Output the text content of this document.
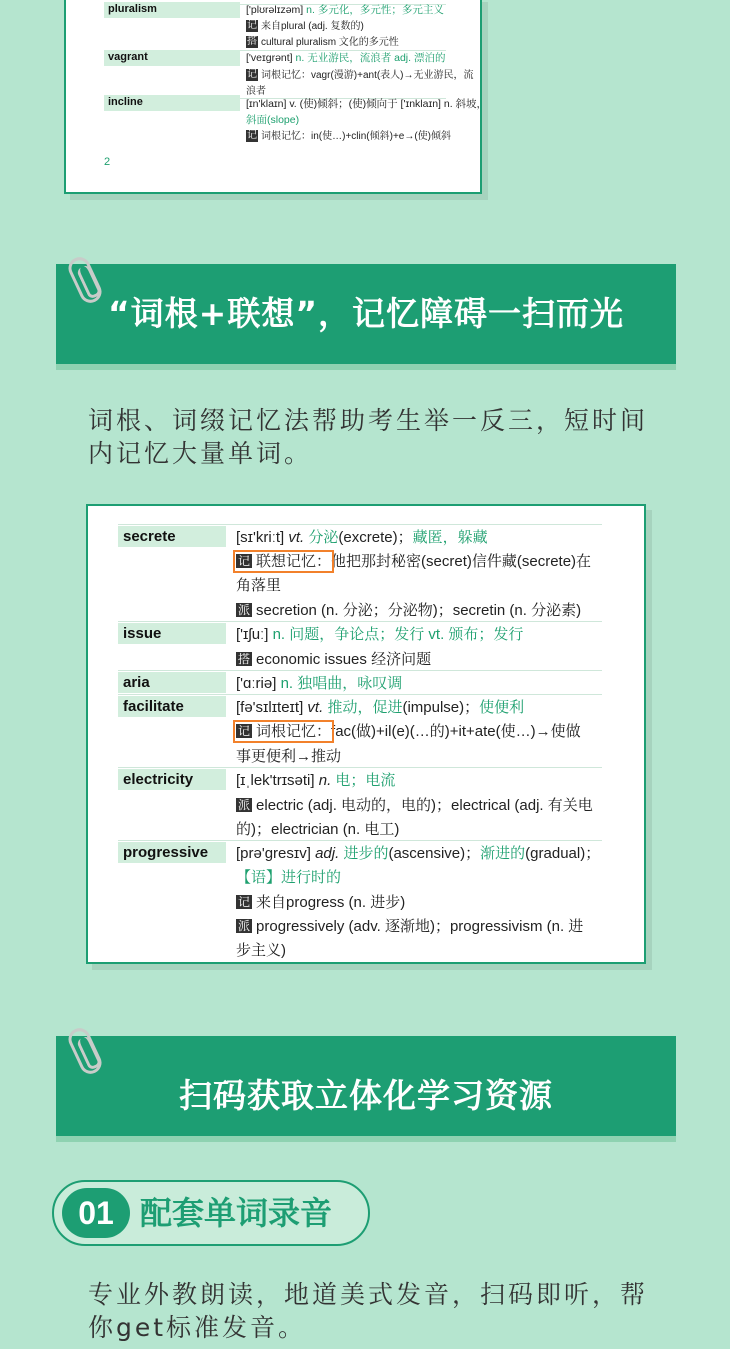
pluralism	['plʊrəlɪzəm] n. 多元化，多元性；多元主义
记 来自plural (adj. 复数的)
搭 cultural pluralism 文化的多元性
vagrant	['veɪɡrənt] n. 无业游民，流浪者 adj. 漂泊的
记 词根记忆：vagr(漫游)+ant(表人)→无业游民，流
浪者
incline	[ɪn'klaɪn] v. (使)倾斜；(使)倾向于 ['ɪnklaɪn] n. 斜坡，
斜面(slope)
记 词根记忆：in(使…)+clin(倾斜)+e→(使)倾斜
2
“词根+联想”，记忆障碍一扫而光
词根、词缀记忆法帮助考生举一反三，短时间
内记忆大量单词。
secrete	[sɪ'kriːt] vt. 分泌(excrete)；藏匿，躲藏
记 联想记忆：他把那封秘密(secret)信件藏(secrete)在
角落里
派 secretion (n. 分泌；分泌物)；secretin (n. 分泌素)
issue	['ɪʃuː] n. 问题，争论点；发行 vt. 颁布；发行
搭 economic issues 经济问题
aria	['ɑːriə] n. 独唱曲，咏叹调
facilitate	[fə'sɪlɪteɪt] vt. 推动，促进(impulse)；使便利
记 词根记忆：fac(做)+il(e)(…的)+it+ate(使…)→使做
事更便利→推动
electricity	[ɪˌlek'trɪsəti] n. 电；电流
派 electric (adj. 电动的，电的)；electrical (adj. 有关电
的)；electrician (n. 电工)
progressive	[prə'ɡresɪv] adj. 进步的(ascensive)；渐进的(gradual)；
【语】进行时的
记 来自progress (n. 进步)
派 progressively (adv. 逐渐地)；progressivism (n. 进
步主义)
扫码获取立体化学习资源
01 配套单词录音
专业外教朗读，地道美式发音，扫码即听，帮
你get标准发音。
